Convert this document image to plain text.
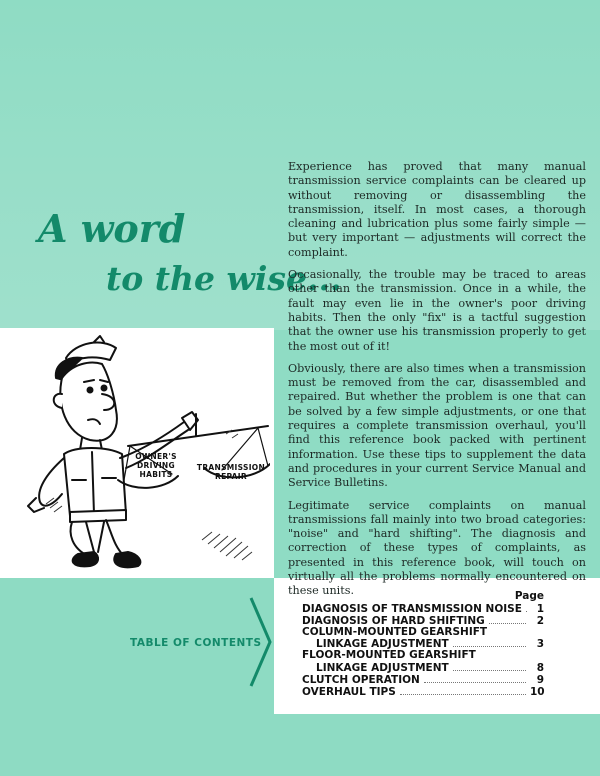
A word
to the wise...

Experience has proved that many manual transmission service complaints can be cleared up without removing or disassembling the transmission, itself. In most cases, a thorough cleaning and lubrication plus some fairly simple — but very important — adjustments will correct the complaint.

Occasionally, the trouble may be traced to areas other than the transmission. Once in a while, the fault may even lie in the owner's poor driving habits. Then the only "fix" is a tactful suggestion that the owner use his transmission properly to get the most out of it!

Obviously, there are also times when a transmission must be removed from the car, disassembled and repaired. But whether the problem is one that can be solved by a few simple adjustments, or one that requires a complete transmission overhaul, you'll find this reference book packed with pertinent information. Use these tips to supplement the data and procedures in your current Service Manual and Service Bulletins.

Legitimate service complaints on manual transmissions fall mainly into two broad categories: "noise" and "hard shifting". The diagnosis and correction of these types of complaints, as presented in this reference book, will touch on virtually all the problems normally encountered on these units.

OWNER'S DRIVING HABITS
TRANSMISSION REPAIR
TABLE OF CONTENTS
Page
DIAGNOSIS OF TRANSMISSION NOISE	1
DIAGNOSIS OF HARD SHIFTING	2
COLUMN-MOUNTED GEARSHIFT
LINKAGE ADJUSTMENT	3
FLOOR-MOUNTED GEARSHIFT
LINKAGE ADJUSTMENT	8
CLUTCH OPERATION	9
OVERHAUL TIPS	10
